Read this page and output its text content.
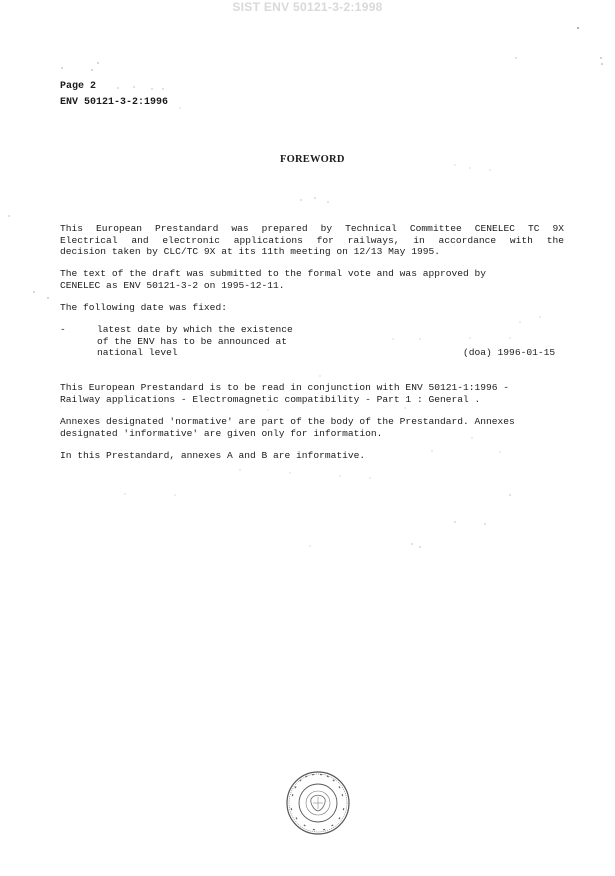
SIST ENV 50121-3-2:1998
Page 2
ENV 50121-3-2:1996
FOREWORD
This European Prestandard was prepared by Technical Committee CENELEC TC 9X
Electrical and electronic applications for railways, in accordance with the
decision taken by CLC/TC 9X at its 11th meeting on 12/13 May 1995.
The text of the draft was submitted to the formal vote and was approved by
CENELEC as ENV 50121-3-2 on 1995-12-11.
The following date was fixed:
-	latest date by which the existence
of the ENV has to be announced at
national level	(doa) 1996-01-15
This European Prestandard is to be read in conjunction with ENV 50121-1:1996 -
Railway applications - Electromagnetic compatibility - Part 1 : General .
Annexes designated 'normative' are part of the body of the Prestandard. Annexes
designated 'informative' are given only for information.
In this Prestandard, annexes A and B are informative.
